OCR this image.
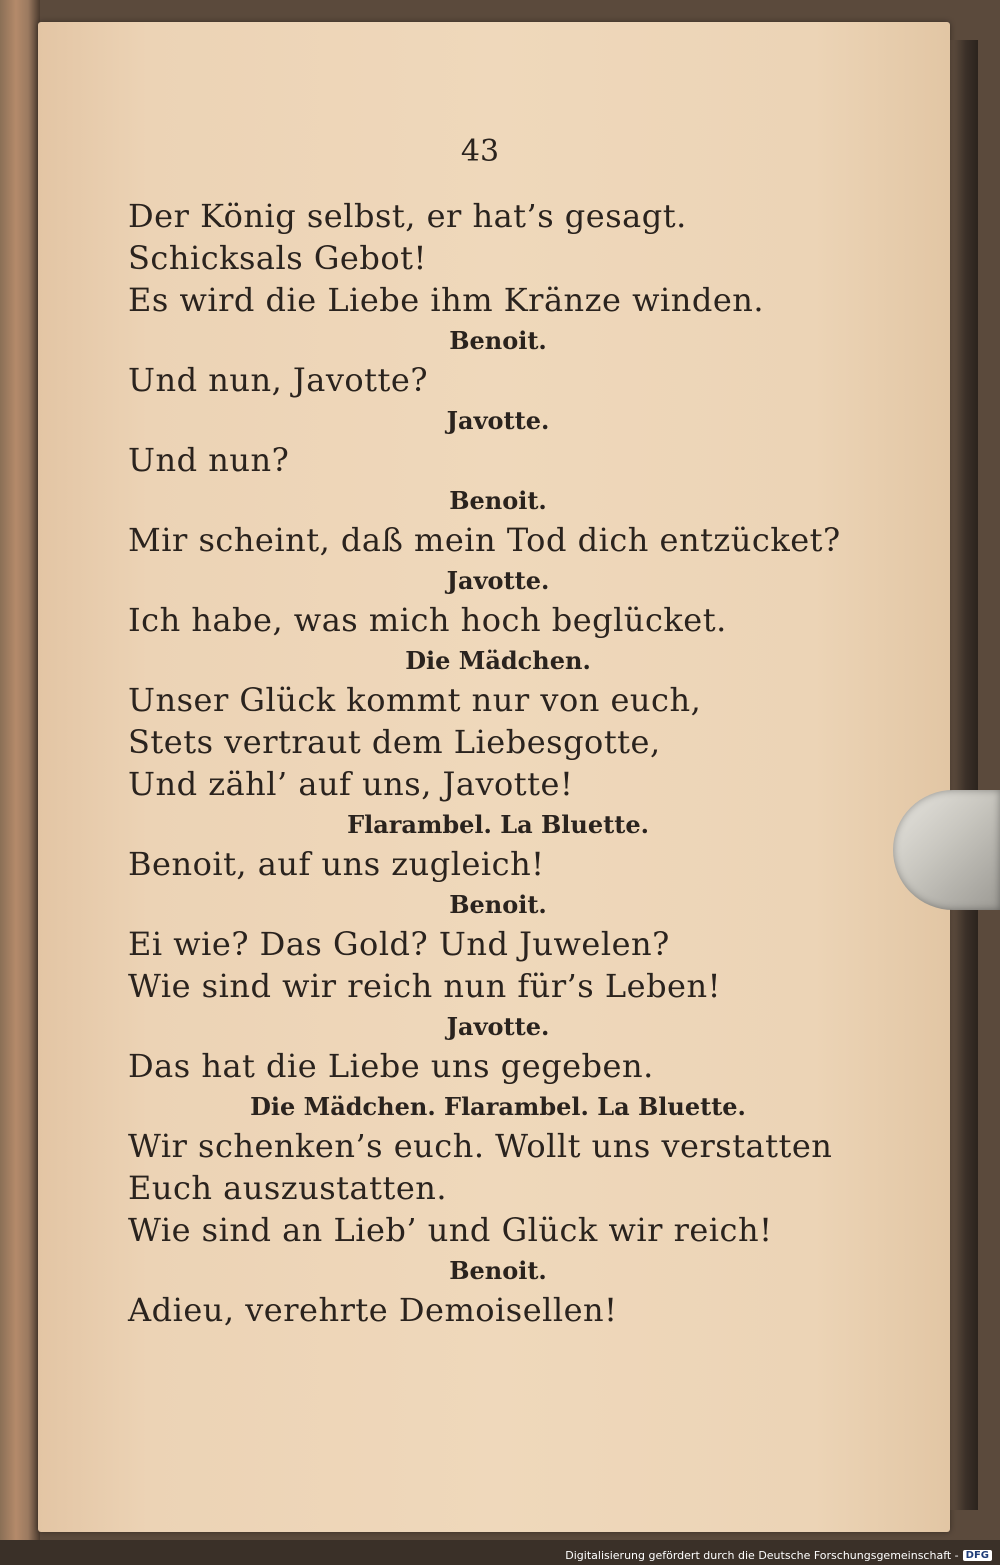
43
Der König selbst, er hat’s gesagt.
Schicksals Gebot!
Es wird die Liebe ihm Kränze winden.
Benoit.
Und nun, Javotte?
Javotte.
Und nun?
Benoit.
Mir scheint, daß mein Tod dich entzücket?
Javotte.
Ich habe, was mich hoch beglücket.
Die Mädchen.
Unser Glück kommt nur von euch,
Stets vertraut dem Liebesgotte,
Und zähl’ auf uns, Javotte!
Flarambel. La Bluette.
Benoit, auf uns zugleich!
Benoit.
Ei wie? Das Gold? Und Juwelen?
Wie sind wir reich nun für’s Leben!
Javotte.
Das hat die Liebe uns gegeben.
Die Mädchen. Flarambel. La Bluette.
Wir schenken’s euch. Wollt uns verstatten
Euch auszustatten.
Wie sind an Lieb’ und Glück wir reich!
Benoit.
Adieu, verehrte Demoisellen!
Digitalisierung gefördert durch die Deutsche Forschungsgemeinschaft - DFG
